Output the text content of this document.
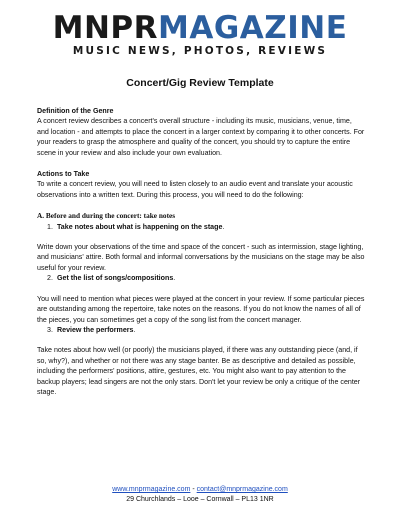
MNPRMAGAZINE
MUSIC NEWS, PHOTOS, REVIEWS
Concert/Gig Review Template

Definition of the Genre

A concert review describes a concert's overall structure - including its music, musicians, venue, time, and location - and attempts to place the concert in a larger context by comparing it to other concerts. For your readers to grasp the atmosphere and quality of the concert, you should try to capture the entire scene in your review and also include your own evaluation.

Actions to Take

To write a concert review, you will need to listen closely to an audio event and translate your acoustic observations into a written text. During this process, you will need to do the following:

A. Before and during the concert: take notes

1. Take notes about what is happening on the stage.

Write down your observations of the time and space of the concert - such as intermission, stage lighting, and musicians' attire. Both formal and informal conversations by the musicians on the stage may be also useful for your review.

2. Get the list of songs/compositions.

You will need to mention what pieces were played at the concert in your review. If some particular pieces are outstanding among the repertoire, take notes on the reasons. If you do not know the names of all of the pieces, you can sometimes get a copy of the song list from the concert manager.

3. Review the performers.

Take notes about how well (or poorly) the musicians played, if there was any outstanding piece (and, if so, why?), and whether or not there was any stage banter. Be as descriptive and detailed as possible, including the performers' positions, attire, gestures, etc. You might also want to pay attention to the backup players; lead singers are not the only stars. Don't let your review be only a critique of the center stage.

www.mnprmagazine.com - contact@mnprmagazine.com
29 Churchlands – Looe – Cornwall – PL13 1NR
